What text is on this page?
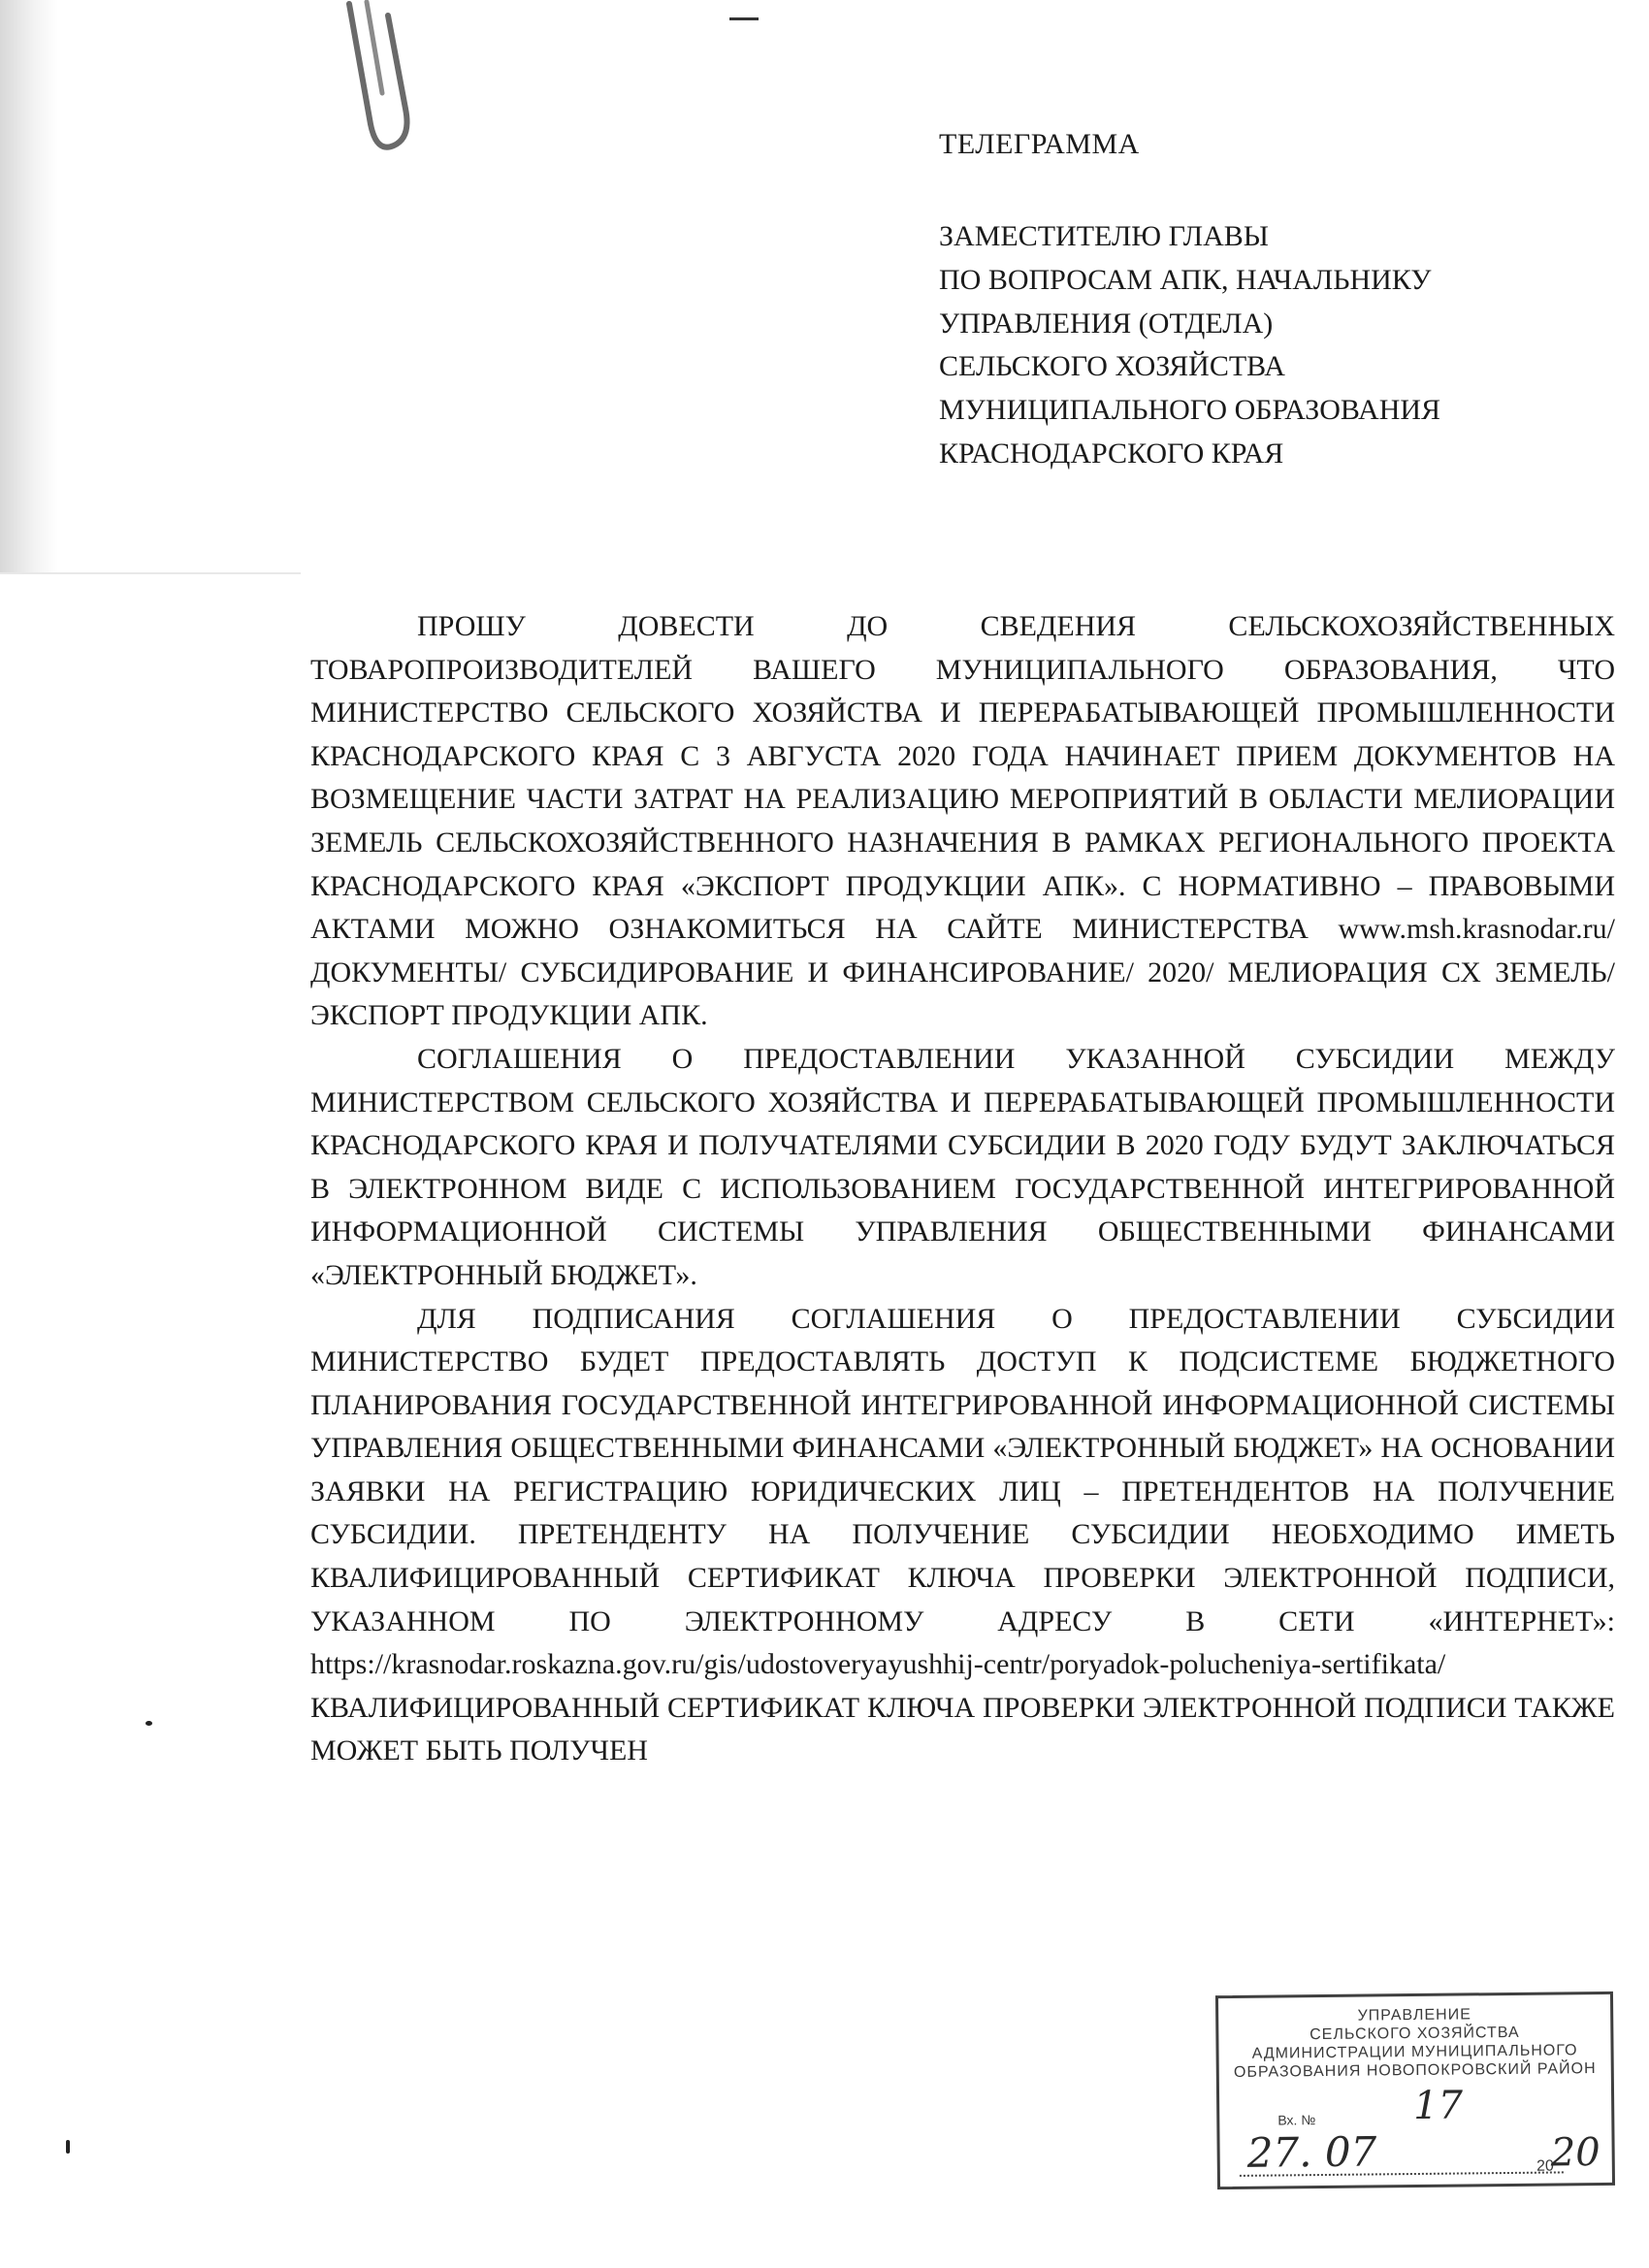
ТЕЛЕГРАММА
ЗАМЕСТИТЕЛЮ ГЛАВЫ
ПО ВОПРОСАМ АПК, НАЧАЛЬНИКУ
УПРАВЛЕНИЯ (ОТДЕЛА)
СЕЛЬСКОГО ХОЗЯЙСТВА
МУНИЦИПАЛЬНОГО ОБРАЗОВАНИЯ
КРАСНОДАРСКОГО КРАЯ

ПРОШУ ДОВЕСТИ ДО СВЕДЕНИЯ СЕЛЬСКОХОЗЯЙСТВЕННЫХ ТОВАРОПРОИЗВОДИТЕЛЕЙ ВАШЕГО МУНИЦИПАЛЬНОГО ОБРАЗОВАНИЯ, ЧТО МИНИСТЕРСТВО СЕЛЬСКОГО ХОЗЯЙСТВА И ПЕРЕРАБАТЫВАЮЩЕЙ ПРОМЫШЛЕННОСТИ КРАСНОДАРСКОГО КРАЯ С 3 АВГУСТА 2020 ГОДА НАЧИНАЕТ ПРИЕМ ДОКУМЕНТОВ НА ВОЗМЕЩЕНИЕ ЧАСТИ ЗАТРАТ НА РЕАЛИЗАЦИЮ МЕРОПРИЯТИЙ В ОБЛАСТИ МЕЛИОРАЦИИ ЗЕМЕЛЬ СЕЛЬСКОХОЗЯЙСТВЕННОГО НАЗНАЧЕНИЯ В РАМКАХ РЕГИОНАЛЬНОГО ПРОЕКТА КРАСНОДАРСКОГО КРАЯ «ЭКСПОРТ ПРОДУКЦИИ АПК». С НОРМАТИВНО – ПРАВОВЫМИ АКТАМИ МОЖНО ОЗНАКОМИТЬСЯ НА САЙТЕ МИНИСТЕРСТВА www.msh.krasnodar.ru/ ДОКУМЕНТЫ/ СУБСИДИРОВАНИЕ И ФИНАНСИРОВАНИЕ/ 2020/ МЕЛИОРАЦИЯ СХ ЗЕМЕЛЬ/ ЭКСПОРТ ПРОДУКЦИИ АПК.

СОГЛАШЕНИЯ О ПРЕДОСТАВЛЕНИИ УКАЗАННОЙ СУБСИДИИ МЕЖДУ МИНИСТЕРСТВОМ СЕЛЬСКОГО ХОЗЯЙСТВА И ПЕРЕРАБАТЫВАЮЩЕЙ ПРОМЫШЛЕННОСТИ КРАСНОДАРСКОГО КРАЯ И ПОЛУЧАТЕЛЯМИ СУБСИДИИ В 2020 ГОДУ БУДУТ ЗАКЛЮЧАТЬСЯ В ЭЛЕКТРОННОМ ВИДЕ С ИСПОЛЬЗОВАНИЕМ ГОСУДАРСТВЕННОЙ ИНТЕГРИРОВАННОЙ ИНФОРМАЦИОННОЙ СИСТЕМЫ УПРАВЛЕНИЯ ОБЩЕСТВЕННЫМИ ФИНАНСАМИ «ЭЛЕКТРОННЫЙ БЮДЖЕТ».

ДЛЯ ПОДПИСАНИЯ СОГЛАШЕНИЯ О ПРЕДОСТАВЛЕНИИ СУБСИДИИ МИНИСТЕРСТВО БУДЕТ ПРЕДОСТАВЛЯТЬ ДОСТУП К ПОДСИСТЕМЕ БЮДЖЕТНОГО ПЛАНИРОВАНИЯ ГОСУДАРСТВЕННОЙ ИНТЕГРИРОВАННОЙ ИНФОРМАЦИОННОЙ СИСТЕМЫ УПРАВЛЕНИЯ ОБЩЕСТВЕННЫМИ ФИНАНСАМИ «ЭЛЕКТРОННЫЙ БЮДЖЕТ» НА ОСНОВАНИИ ЗАЯВКИ НА РЕГИСТРАЦИЮ ЮРИДИЧЕСКИХ ЛИЦ – ПРЕТЕНДЕНТОВ НА ПОЛУЧЕНИЕ СУБСИДИИ. ПРЕТЕНДЕНТУ НА ПОЛУЧЕНИЕ СУБСИДИИ НЕОБХОДИМО ИМЕТЬ КВАЛИФИЦИРОВАННЫЙ СЕРТИФИКАТ КЛЮЧА ПРОВЕРКИ ЭЛЕКТРОННОЙ ПОДПИСИ, УКАЗАННОМ ПО ЭЛЕКТРОННОМУ АДРЕСУ В СЕТИ «ИНТЕРНЕТ»: https://krasnodar.roskazna.gov.ru/gis/udostoveryayushhij-centr/poryadok-polucheniya-sertifikata/ КВАЛИФИЦИРОВАННЫЙ СЕРТИФИКАТ КЛЮЧА ПРОВЕРКИ ЭЛЕКТРОННОЙ ПОДПИСИ ТАКЖЕ МОЖЕТ БЫТЬ ПОЛУЧЕН

УПРАВЛЕНИЕ
СЕЛЬСКОГО ХОЗЯЙСТВА
АДМИНИСТРАЦИИ МУНИЦИПАЛЬНОГО
ОБРАЗОВАНИЯ НОВОПОКРОВСКИЙ РАЙОН
Вх. №	17
27. 07	20
20
